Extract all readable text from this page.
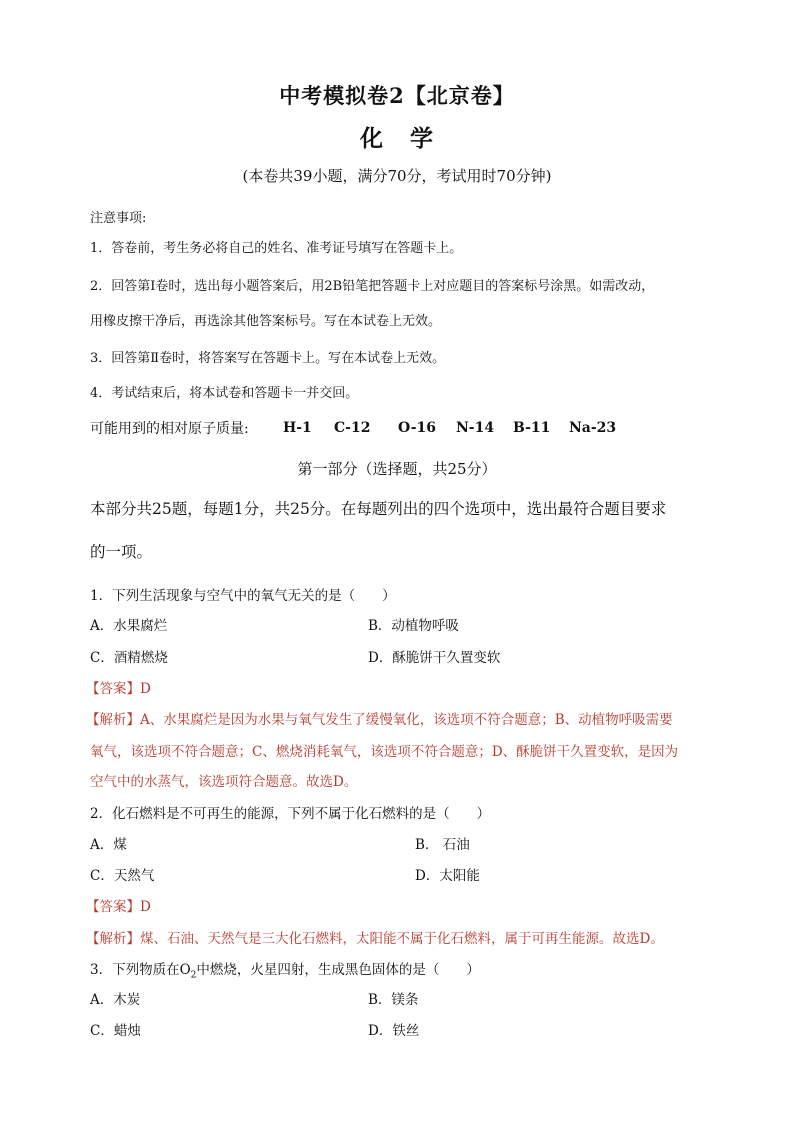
中考模拟卷2【北京卷】
化 学
(本卷共39小题，满分70分，考试用时70分钟)
注意事项:
1．答卷前，考生务必将自己的姓名、准考证号填写在答题卡上。
2．回答第Ⅰ卷时，选出每小题答案后，用2B铅笔把答题卡上对应题目的答案标号涂黑。如需改动，
用橡皮擦干净后，再选涂其他答案标号。写在本试卷上无效。
3．回答第Ⅱ卷时，将答案写在答题卡上。写在本试卷上无效。
4．考试结束后，将本试卷和答题卡一并交回。
可能用到的相对原子质量: H-1 C-12 O-16 N-14 B-11 Na-23
第一部分（选择题，共25分）
本部分共25题，每题1分，共25分。在每题列出的四个选项中，选出最符合题目要求
的一项。
1．下列生活现象与空气中的氧气无关的是（　　）
A．水果腐烂	B．动植物呼吸
C．酒精燃烧	D．酥脆饼干久置变软
【答案】D
【解析】A、水果腐烂是因为水果与氧气发生了缓慢氧化，该选项不符合题意；B、动植物呼吸需要
氧气，该选项不符合题意；C、燃烧消耗氧气，该选项不符合题意；D、酥脆饼干久置变软，是因为
空气中的水蒸气，该选项符合题意。故选D。
2．化石燃料是不可再生的能源，下列不属于化石燃料的是（　　）
A．煤	B． 石油
C．天然气	D．太阳能
【答案】D
【解析】煤、石油、天然气是三大化石燃料，太阳能不属于化石燃料，属于可再生能源。故选D。
3．下列物质在$O_2$中燃烧，火星四射，生成黑色固体的是（　　）
A．木炭	B．镁条
C．蜡烛	D．铁丝
